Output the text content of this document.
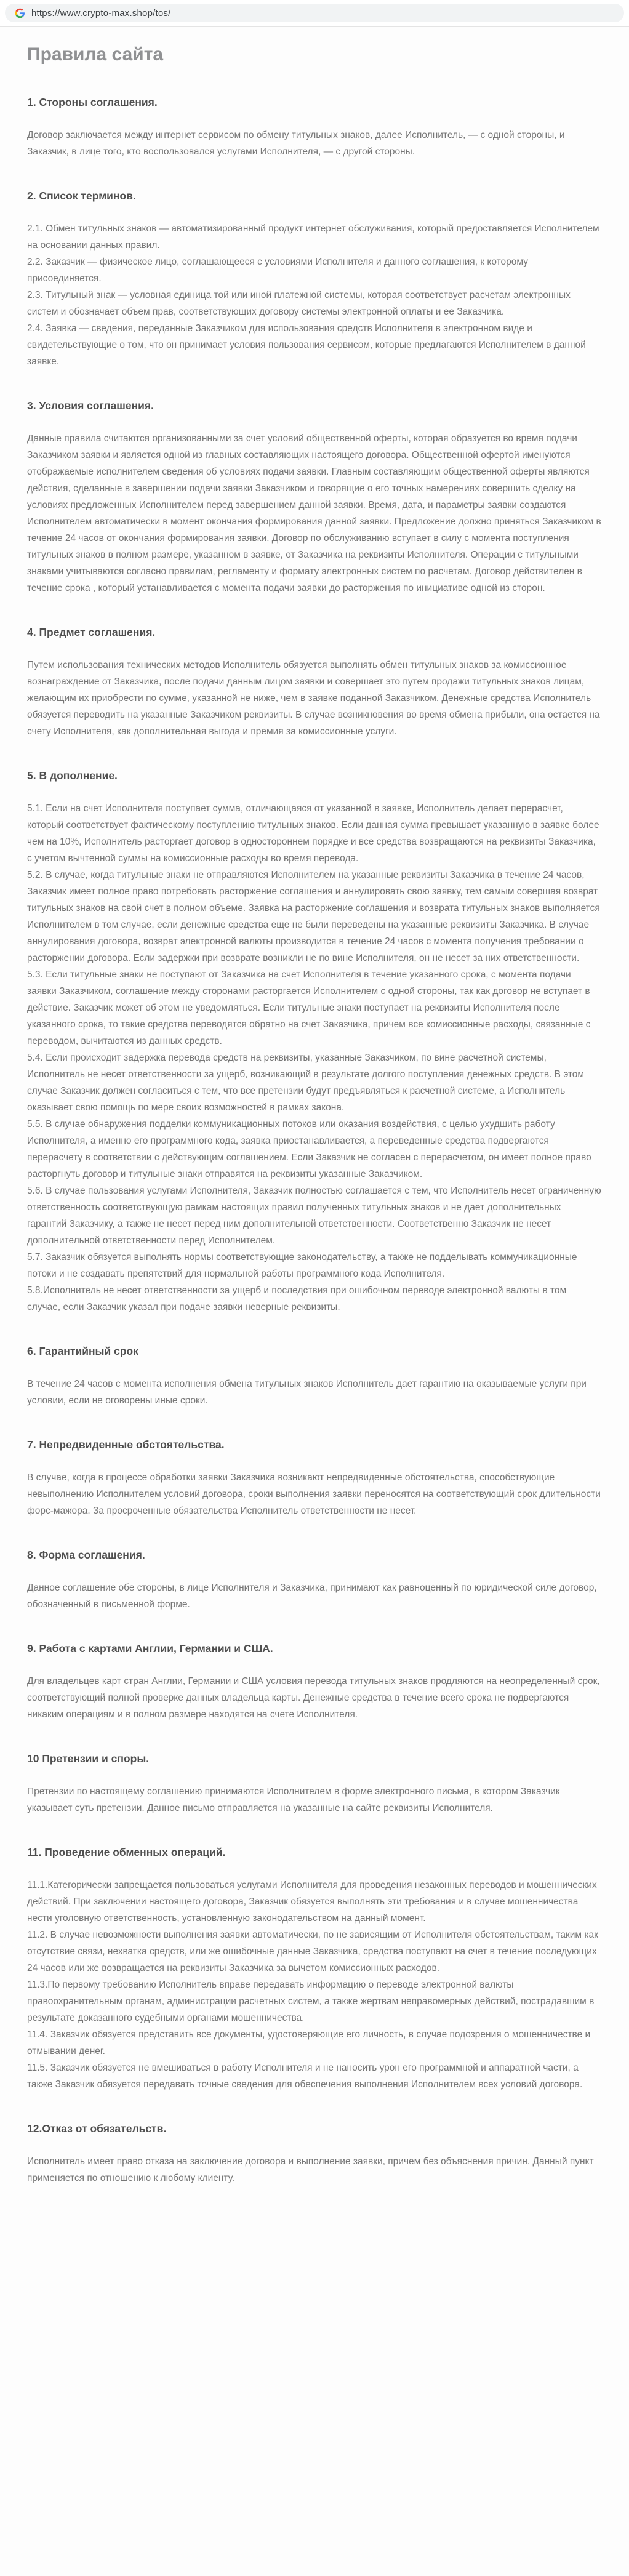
https://www.crypto-max.shop/tos/
Правила сайта
1. Стороны соглашения.

Договор заключается между интернет сервисом по обмену титульных знаков, далее Исполнитель, — с одной стороны, и Заказчик, в лице того, кто воспользовался услугами Исполнителя, — с другой стороны.

2. Список терминов.

2.1. Обмен титульных знаков — автоматизированный продукт интернет обслуживания, который предоставляется Исполнителем на основании данных правил.

2.2. Заказчик — физическое лицо, соглашающееся с условиями Исполнителя и данного соглашения, к которому присоединяется.

2.3. Титульный знак — условная единица той или иной платежной системы, которая соответствует расчетам электронных систем и обозначает объем прав, соответствующих договору системы электронной оплаты и ее Заказчика.

2.4. Заявка — сведения, переданные Заказчиком для использования средств Исполнителя в электронном виде и свидетельствующие о том, что он принимает условия пользования сервисом, которые предлагаются Исполнителем в данной заявке.

3. Условия соглашения.

Данные правила считаются организованными за счет условий общественной оферты, которая образуется во время подачи Заказчиком заявки и является одной из главных составляющих настоящего договора. Общественной офертой именуются отображаемые исполнителем сведения об условиях подачи заявки. Главным составляющим общественной оферты являются действия, сделанные в завершении подачи заявки Заказчиком и говорящие о его точных намерениях совершить сделку на условиях предложенных Исполнителем перед завершением данной заявки. Время, дата, и параметры заявки создаются Исполнителем автоматически в момент окончания формирования данной заявки. Предложение должно приняться Заказчиком в течение 24 часов от окончания формирования заявки. Договор по обслуживанию вступает в силу с момента поступления титульных знаков в полном размере, указанном в заявке, от Заказчика на реквизиты Исполнителя. Операции с титульными знаками учитываются согласно правилам, регламенту и формату электронных систем по расчетам. Договор действителен в течение срока , который устанавливается с момента подачи заявки до расторжения по инициативе одной из сторон.

4. Предмет соглашения.

Путем использования технических методов Исполнитель обязуется выполнять обмен титульных знаков за комиссионное вознаграждение от Заказчика, после подачи данным лицом заявки и совершает это путем продажи титульных знаков лицам, желающим их приобрести по сумме, указанной не ниже, чем в заявке поданной Заказчиком. Денежные средства Исполнитель обязуется переводить на указанные Заказчиком реквизиты. В случае возникновения во время обмена прибыли, она остается на счету Исполнителя, как дополнительная выгода и премия за комиссионные услуги.

5. В дополнение.

5.1. Если на счет Исполнителя поступает сумма, отличающаяся от указанной в заявке, Исполнитель делает перерасчет, который соответствует фактическому поступлению титульных знаков. Если данная сумма превышает указанную в заявке более чем на 10%, Исполнитель расторгает договор в одностороннем порядке и все средства возвращаются на реквизиты Заказчика, с учетом вычтенной суммы на комиссионные расходы во время перевода.

5.2. В случае, когда титульные знаки не отправляются Исполнителем на указанные реквизиты Заказчика в течение 24 часов, Заказчик имеет полное право потребовать расторжение соглашения и аннулировать свою заявку, тем самым совершая возврат титульных знаков на свой счет в полном объеме. Заявка на расторжение соглашения и возврата титульных знаков выполняется Исполнителем в том случае, если денежные средства еще не были переведены на указанные реквизиты Заказчика. В случае аннулирования договора, возврат электронной валюты производится в течение 24 часов с момента получения требовании о расторжении договора. Если задержки при возврате возникли не по вине Исполнителя, он не несет за них ответственности.

5.3. Если титульные знаки не поступают от Заказчика на счет Исполнителя в течение указанного срока, с момента подачи заявки Заказчиком, соглашение между сторонами расторгается Исполнителем с одной стороны, так как договор не вступает в действие. Заказчик может об этом не уведомляться. Если титульные знаки поступает на реквизиты Исполнителя после указанного срока, то такие средства переводятся обратно на счет Заказчика, причем все комиссионные расходы, связанные с переводом, вычитаются из данных средств.

5.4. Если происходит задержка перевода средств на реквизиты, указанные Заказчиком, по вине расчетной системы, Исполнитель не несет ответственности за ущерб, возникающий в результате долгого поступления денежных средств. В этом случае Заказчик должен согласиться с тем, что все претензии будут предъявляться к расчетной системе, а Исполнитель оказывает свою помощь по мере своих возможностей в рамках закона.

5.5. В случае обнаружения подделки коммуникационных потоков или оказания воздействия, с целью ухудшить работу Исполнителя, а именно его программного кода, заявка приостанавливается, а переведенные средства подвергаются перерасчету в соответствии с действующим соглашением. Если Заказчик не согласен с перерасчетом, он имеет полное право расторгнуть договор и титульные знаки отправятся на реквизиты указанные Заказчиком.

5.6. В случае пользования услугами Исполнителя, Заказчик полностью соглашается с тем, что Исполнитель несет ограниченную ответственность соответствующую рамкам настоящих правил полученных титульных знаков и не дает дополнительных гарантий Заказчику, а также не несет перед ним дополнительной ответственности. Соответственно Заказчик не несет дополнительной ответственности перед Исполнителем.

5.7. Заказчик обязуется выполнять нормы соответствующие законодательству, а также не подделывать коммуникационные потоки и не создавать препятствий для нормальной работы программного кода Исполнителя.

5.8.Исполнитель не несет ответственности за ущерб и последствия при ошибочном переводе электронной валюты в том случае, если Заказчик указал при подаче заявки неверные реквизиты.

6. Гарантийный срок

В течение 24 часов с момента исполнения обмена титульных знаков Исполнитель дает гарантию на оказываемые услуги при условии, если не оговорены иные сроки.

7. Непредвиденные обстоятельства.

В случае, когда в процессе обработки заявки Заказчика возникают непредвиденные обстоятельства, способствующие невыполнению Исполнителем условий договора, сроки выполнения заявки переносятся на соответствующий срок длительности форс-мажора. За просроченные обязательства Исполнитель ответственности не несет.

8. Форма соглашения.

Данное соглашение обе стороны, в лице Исполнителя и Заказчика, принимают как равноценный по юридической силе договор, обозначенный в письменной форме.

9. Работа с картами Англии, Германии и США.

Для владельцев карт стран Англии, Германии и США условия перевода титульных знаков продляются на неопределенный срок, соответствующий полной проверке данных владельца карты. Денежные средства в течение всего срока не подвергаются никаким операциям и в полном размере находятся на счете Исполнителя.

10 Претензии и споры.

Претензии по настоящему соглашению принимаются Исполнителем в форме электронного письма, в котором Заказчик указывает суть претензии. Данное письмо отправляется на указанные на сайте реквизиты Исполнителя.

11. Проведение обменных операций.

11.1.Категорически запрещается пользоваться услугами Исполнителя для проведения незаконных переводов и мошеннических действий. При заключении настоящего договора, Заказчик обязуется выполнять эти требования и в случае мошенничества нести уголовную ответственность, установленную законодательством на данный момент.

11.2. В случае невозможности выполнения заявки автоматически, по не зависящим от Исполнителя обстоятельствам, таким как отсутствие связи, нехватка средств, или же ошибочные данные Заказчика, средства поступают на счет в течение последующих 24 часов или же возвращается на реквизиты Заказчика за вычетом комиссионных расходов.

11.3.По первому требованию Исполнитель вправе передавать информацию о переводе электронной валюты правоохранительным органам, администрации расчетных систем, а также жертвам неправомерных действий, пострадавшим в результате доказанного судебными органами мошенничества.

11.4. Заказчик обязуется представить все документы, удостоверяющие его личность, в случае подозрения о мошенничестве и отмывании денег.

11.5. Заказчик обязуется не вмешиваться в работу Исполнителя и не наносить урон его программной и аппаратной части, а также Заказчик обязуется передавать точные сведения для обеспечения выполнения Исполнителем всех условий договора.

12.Отказ от обязательств.

Исполнитель имеет право отказа на заключение договора и выполнение заявки, причем без объяснения причин. Данный пункт применяется по отношению к любому клиенту.
